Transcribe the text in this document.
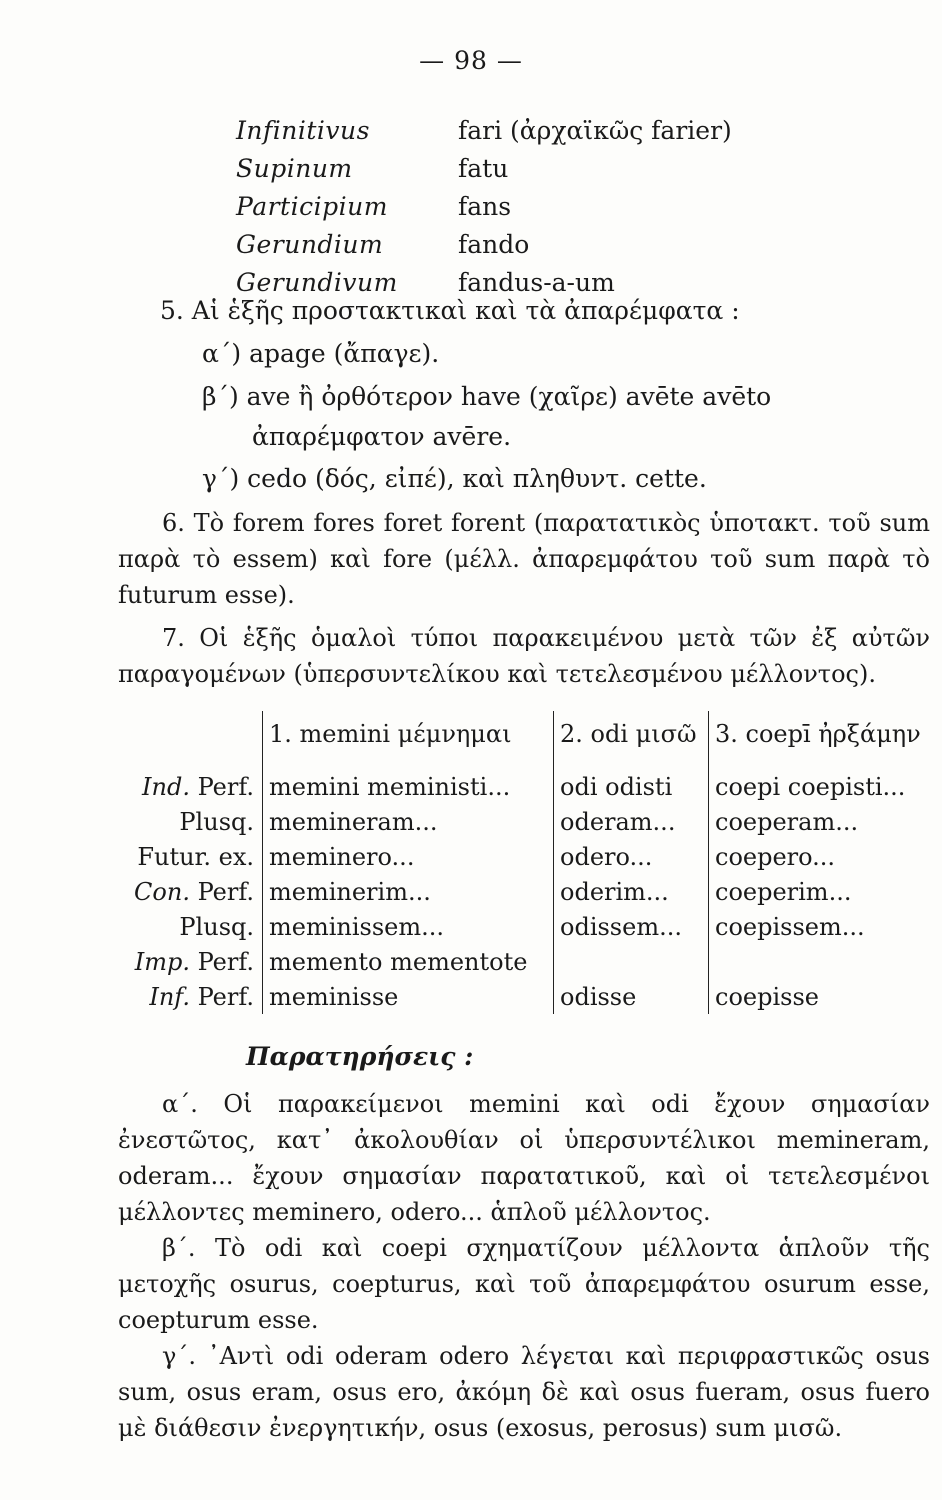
— 98 —
Infinitivus	fari (ἀρχαϊκῶς farier)
Supinum	fatu
Participium	fans
Gerundium	fando
Gerundivum fandus-a-um
5. Αἱ ἑξῆς προστακτικαὶ καὶ τὰ ἀπαρέμφατα :
α΄) apage (ἄπαγε).
β΄) ave ἢ ὀρθότερον have (χαῖρε) avēte avēto
ἀπαρέμφατον avēre.
γ΄) cedo (δός, εἰπέ), καὶ πληθυντ. cette.

6. Τὸ forem fores foret forent (παρατατικὸς ὑποτακτ. τοῦ sum παρὰ τὸ essem) καὶ fore (μέλλ. ἀπαρεμφάτου τοῦ sum παρὰ τὸ futurum esse).

7. Οἱ ἑξῆς ὁμαλοὶ τύποι παρακειμένου μετὰ τῶν ἐξ αὐτῶν παραγομένων (ὑπερσυντελίκου καὶ τετελεσμένου μέλλοντος).

	1. memini μέμνημαι	2. odi μισῶ	3. coepī ἠρξάμην

Ind. Perf.	memini meministi...	odi odisti	coepi coepisti...
Plusq.	memineram...	oderam...	coeperam...
Futur. ex.	meminero...	odero...	coepero...
Con. Perf.	meminerim...	oderim...	coeperim...
Plusq.	meminissem...	odissem...	coepissem...
Imp. Perf.	memento mementote		
Inf. Perf.	meminisse	odisse	coepisse
Παρατηρήσεις :

α΄. Οἱ παρακείμενοι memini καὶ odi ἔχουν σημασίαν ἐνεστῶτος, κατ᾿ ἀκολουθίαν οἱ ὑπερσυντέλικοι memineram, oderam... ἔχουν σημασίαν παρατατικοῦ, καὶ οἱ τετελεσμένοι μέλλοντες meminero, odero... ἁπλοῦ μέλλοντος.

β΄. Τὸ odi καὶ coepi σχηματίζουν μέλλοντα ἁπλοῦν τῆς μετοχῆς osurus, coepturus, καὶ τοῦ ἀπαρεμφάτου osurum esse, coepturum esse.

γ΄. ᾿Αντὶ odi oderam odero λέγεται καὶ περιφραστικῶς osus sum, osus eram, osus ero, ἀκόμη δὲ καὶ osus fueram, osus fuero μὲ διάθεσιν ἐνεργητικήν, osus (exosus, perosus) sum μισῶ.
